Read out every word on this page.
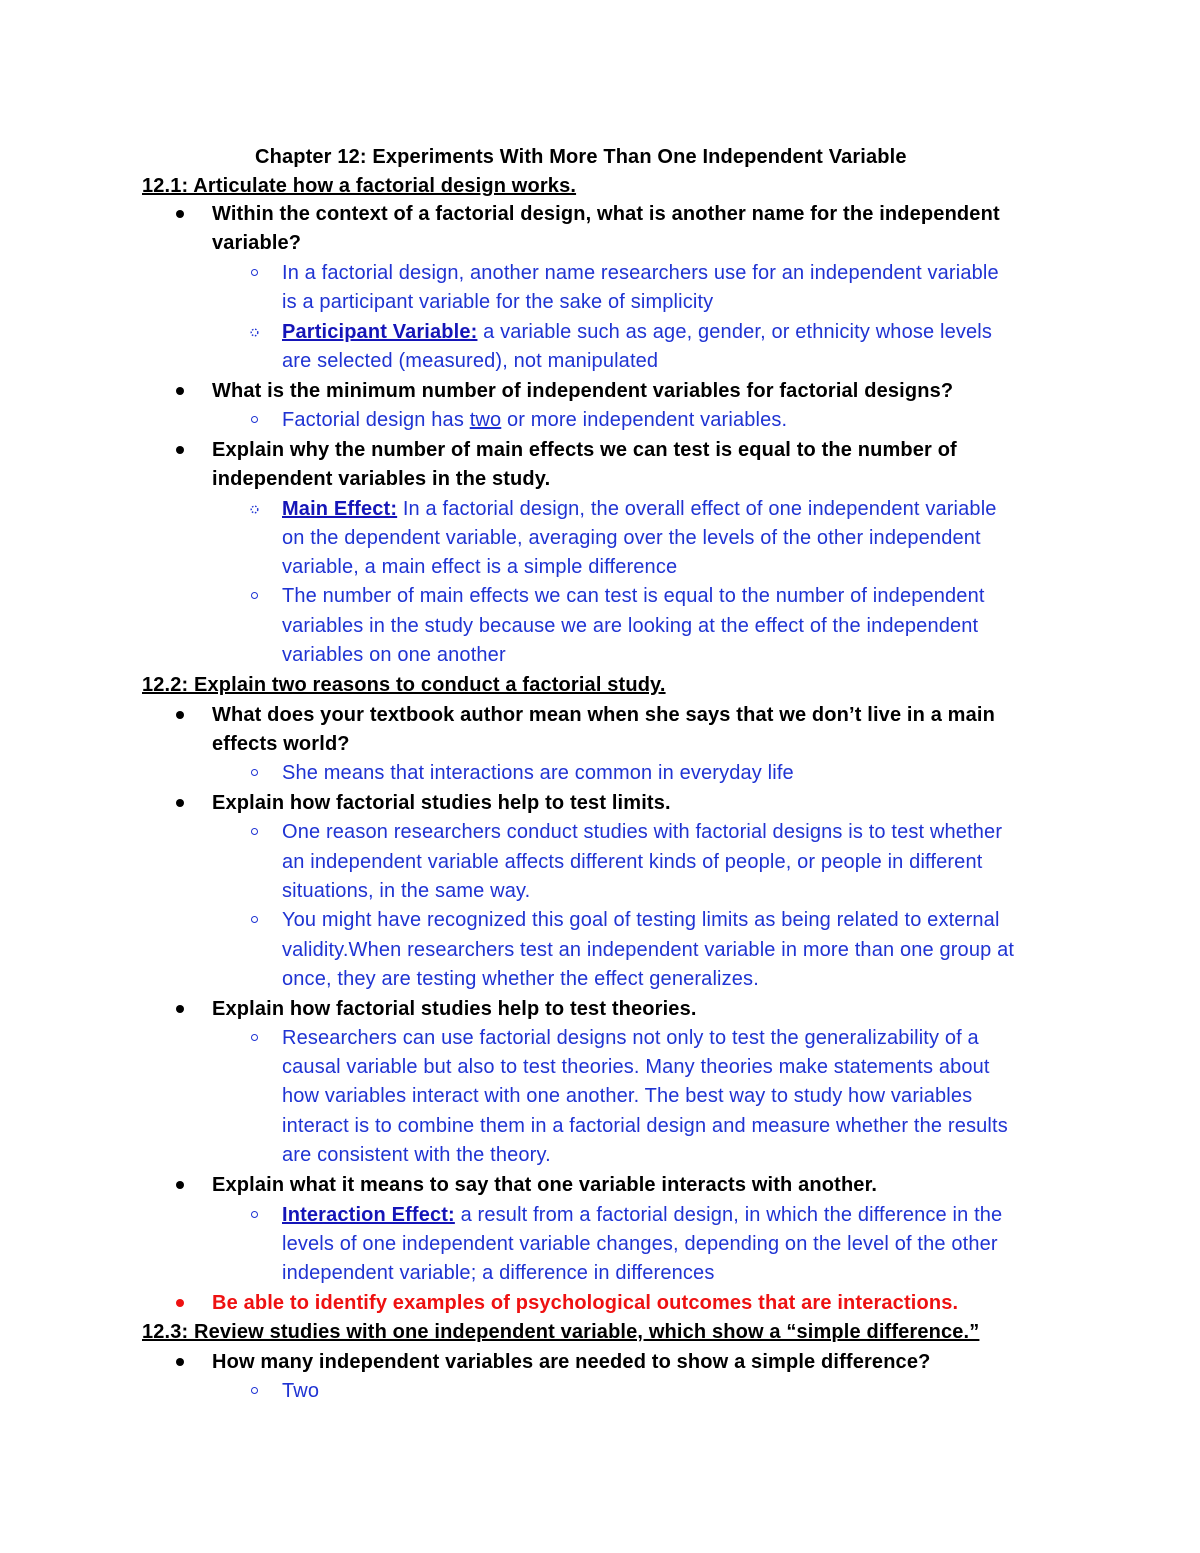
Chapter 12: Experiments With More Than One Independent Variable
12.1: Articulate how a factorial design works.
Within the context of a factorial design, what is another name for the independent
variable?
In a factorial design, another name researchers use for an independent variable
is a participant variable for the sake of simplicity
Participant Variable: a variable such as age, gender, or ethnicity whose levels
are selected (measured), not manipulated
What is the minimum number of independent variables for factorial designs?
Factorial design has two or more independent variables.
Explain why the number of main effects we can test is equal to the number of
independent variables in the study.
Main Effect: In a factorial design, the overall effect of one independent variable
on the dependent variable, averaging over the levels of the other independent
variable, a main effect is a simple difference
The number of main effects we can test is equal to the number of independent
variables in the study because we are looking at the effect of the independent
variables on one another
12.2: Explain two reasons to conduct a factorial study.
What does your textbook author mean when she says that we don’t live in a main
effects world?
She means that interactions are common in everyday life
Explain how factorial studies help to test limits.
One reason researchers conduct studies with factorial designs is to test whether
an independent variable affects different kinds of people, or people in different
situations, in the same way.
You might have recognized this goal of testing limits as being related to external
validity.When researchers test an independent variable in more than one group at
once, they are testing whether the effect generalizes.
Explain how factorial studies help to test theories.
Researchers can use factorial designs not only to test the generalizability of a
causal variable but also to test theories. Many theories make statements about
how variables interact with one another. The best way to study how variables
interact is to combine them in a factorial design and measure whether the results
are consistent with the theory.
Explain what it means to say that one variable interacts with another.
Interaction Effect: a result from a factorial design, in which the difference in the
levels of one independent variable changes, depending on the level of the other
independent variable; a difference in differences
Be able to identify examples of psychological outcomes that are interactions.
12.3: Review studies with one independent variable, which show a “simple difference.”
How many independent variables are needed to show a simple difference?
Two
